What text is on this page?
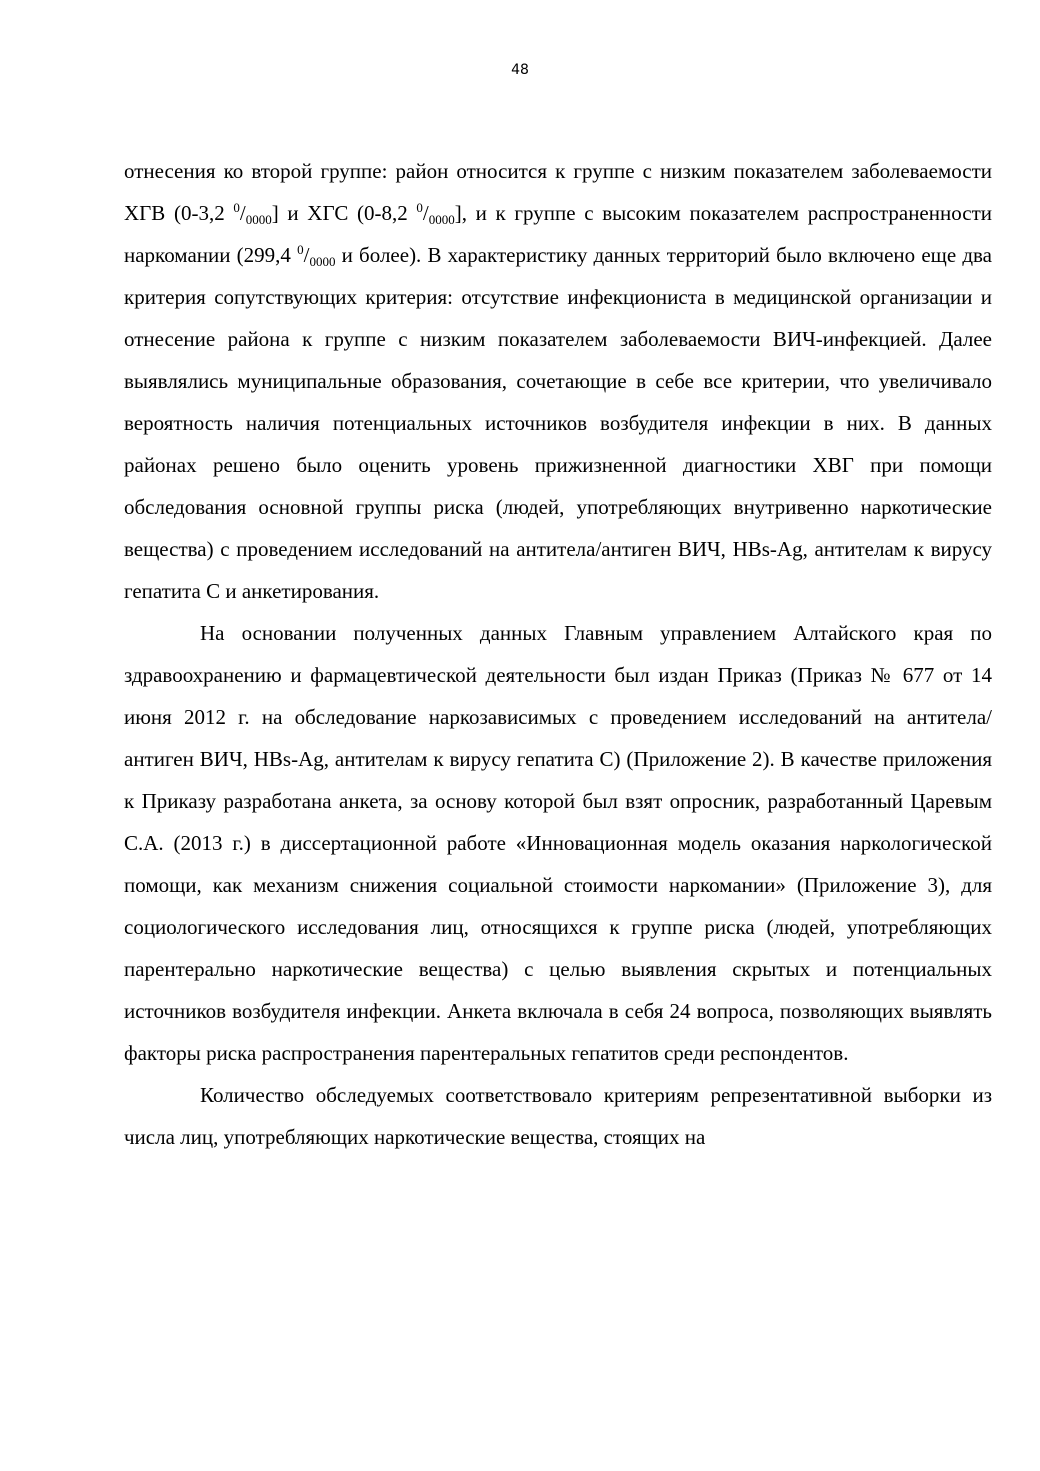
48

отнесения ко второй группе: район относится к группе с низким показателем заболеваемости ХГВ (0-3,2 $^0/_{0000}$] и ХГС (0-8,2 $^0/_{0000}$], и к группе с высоким показателем распространенности наркомании (299,4 $^0/_{0000}$ и более). В характеристику данных территорий было включено еще два критерия сопутствующих критерия: отсутствие инфекциониста в медицинской организации и отнесение района к группе с низким показателем заболеваемости ВИЧ-инфекцией. Далее выявлялись муниципальные образования, сочетающие в себе все критерии, что увеличивало вероятность наличия потенциальных источников возбудителя инфекции в них. В данных районах решено было оценить уровень прижизненной диагностики ХВГ при помощи обследования основной группы риска (людей, употребляющих внутривенно наркотические вещества) с проведением исследований на антитела/антиген ВИЧ, HBs-Ag, антителам к вирусу гепатита С и анкетирования.

На основании полученных данных Главным управлением Алтайского края по здравоохранению и фармацевтической деятельности был издан Приказ (Приказ № 677 от 14 июня 2012 г. на обследование наркозависимых с проведением исследований на антитела/антиген ВИЧ, HBs-Ag, антителам к вирусу гепатита С) (Приложение 2). В качестве приложения к Приказу разработана анкета, за основу которой был взят опросник, разработанный Царевым С.А. (2013 г.) в диссертационной работе «Инновационная модель оказания наркологической помощи, как механизм снижения социальной стоимости наркомании» (Приложение 3), для социологического исследования лиц, относящихся к группе риска (людей, употребляющих парентерально наркотические вещества) с целью выявления скрытых и потенциальных источников возбудителя инфекции. Анкета включала в себя 24 вопроса, позволяющих выявлять факторы риска распространения парентеральных гепатитов среди респондентов.

Количество обследуемых соответствовало критериям репрезентативной выборки из числа лиц, употребляющих наркотические вещества, стоящих на
